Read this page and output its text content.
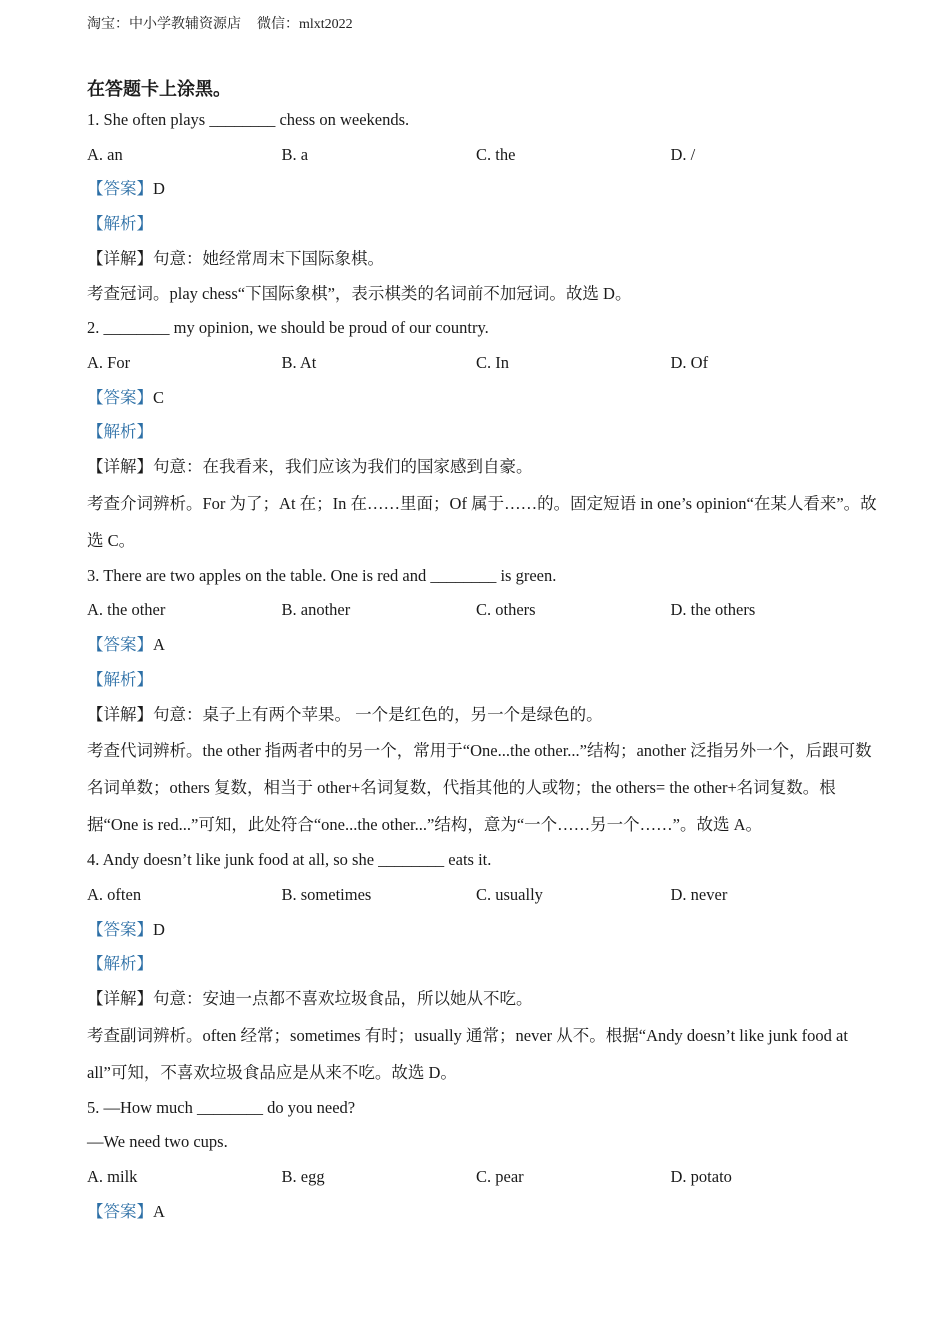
淘宝：中小学教辅资源店 微信：mlxt2022
在答题卡上涂黑。
1. She often plays ________ chess on weekends.
A. an	B. a	C. the	D. /
【答案】D
【解析】
【详解】句意：她经常周末下国际象棋。
考查冠词。play chess“下国际象棋”，表示棋类的名词前不加冠词。故选 D。
2. ________ my opinion, we should be proud of our country.
A. For	B. At	C. In	D. Of
【答案】C
【解析】
【详解】句意：在我看来，我们应该为我们的国家感到自豪。
考查介词辨析。For 为了；At 在；In 在……里面；Of 属于……的。固定短语 in one’s opinion“在某人看来”。故选 C。
3. There are two apples on the table. One is red and ________ is green.
A. the other	B. another	C. others	D. the others
【答案】A
【解析】
【详解】句意：桌子上有两个苹果。 一个是红色的，另一个是绿色的。
考查代词辨析。the other 指两者中的另一个，常用于“One...the other...”结构；another 泛指另外一个，后跟可数名词单数；others 复数，相当于 other+名词复数，代指其他的人或物；the others= the other+名词复数。根据“One is red...”可知，此处符合“one...the other...”结构，意为“一个……另一个……”。故选 A。
4. Andy doesn’t like junk food at all, so she ________ eats it.
A. often	B. sometimes	C. usually	D. never
【答案】D
【解析】
【详解】句意：安迪一点都不喜欢垃圾食品，所以她从不吃。
考查副词辨析。often 经常；sometimes 有时；usually 通常；never 从不。根据“Andy doesn’t like junk food at all”可知，不喜欢垃圾食品应是从来不吃。故选 D。
5. —How much ________ do you need?
—We need two cups.
A. milk	B. egg	C. pear	D. potato
【答案】A
